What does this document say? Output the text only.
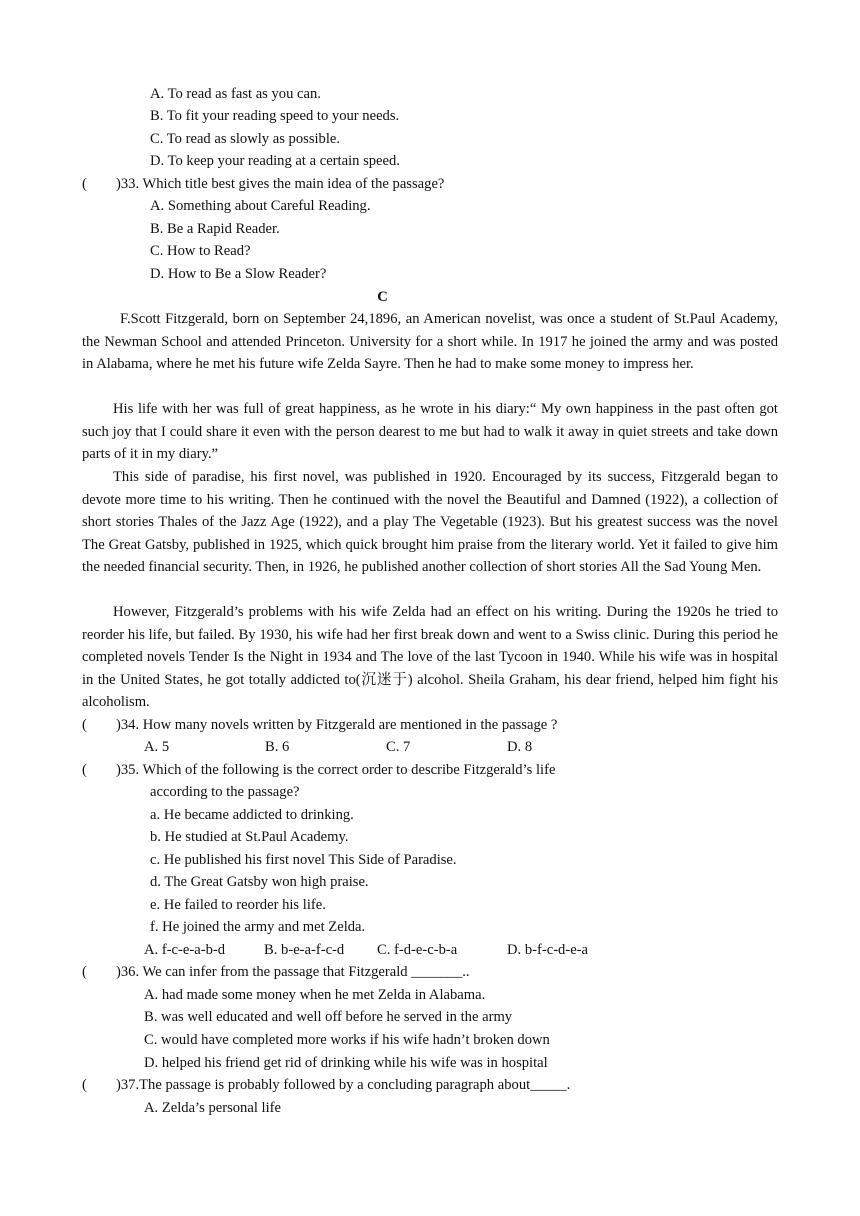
A. To read as fast as you can.
B. To fit your reading speed to your needs.
C. To read as slowly as possible.
D. To keep your reading at a certain speed.
( )33. Which title best gives the main idea of the passage?
A. Something about Careful Reading.
B. Be a Rapid Reader.
C. How to Read?
D. How to Be a Slow Reader?
C
F.Scott Fitzgerald, born on September 24,1896, an American novelist, was once a student of St.Paul Academy, the Newman School and attended Princeton. University for a short while. In 1917 he joined the army and was posted in Alabama, where he met his future wife Zelda Sayre. Then he had to make some money to impress her.
His life with her was full of great happiness, as he wrote in his diary:“ My own happiness in the past often got such joy that I could share it even with the person dearest to me but had to walk it away in quiet streets and take down parts of it in my diary.”
This side of paradise, his first novel, was published in 1920. Encouraged by its success, Fitzgerald began to devote more time to his writing. Then he continued with the novel the Beautiful and Damned (1922), a collection of short stories Thales of the Jazz Age (1922), and a play The Vegetable (1923). But his greatest success was the novel The Great Gatsby, published in 1925, which quick brought him praise from the literary world. Yet it failed to give him the needed financial security. Then, in 1926, he published another collection of short stories All the Sad Young Men.
However, Fitzgerald’s problems with his wife Zelda had an effect on his writing. During the 1920s he tried to reorder his life, but failed. By 1930, his wife had her first break down and went to a Swiss clinic. During this period he completed novels Tender Is the Night in 1934 and The love of the last Tycoon in 1940. While his wife was in hospital in the United States, he got totally addicted to(沉迷于) alcohol. Sheila Graham, his dear friend, helped him fight his alcoholism.
( )34. How many novels written by Fitzgerald are mentioned in the passage ?
A. 5	B. 6	C. 7	D. 8
( )35. Which of the following is the correct order to describe Fitzgerald’s life
according to the passage?
a. He became addicted to drinking.
b. He studied at St.Paul Academy.
c. He published his first novel This Side of Paradise.
d. The Great Gatsby won high praise.
e. He failed to reorder his life.
f. He joined the army and met Zelda.
A. f-c-e-a-b-d	B. b-e-a-f-c-d	C. f-d-e-c-b-a	D. b-f-c-d-e-a
( )36. We can infer from the passage that Fitzgerald _______..
A. had made some money when he met Zelda in Alabama.
B. was well educated and well off before he served in the army
C. would have completed more works if his wife hadn’t broken down
D. helped his friend get rid of drinking while his wife was in hospital
( )37.The passage is probably followed by a concluding paragraph about_____.
A. Zelda’s personal life
